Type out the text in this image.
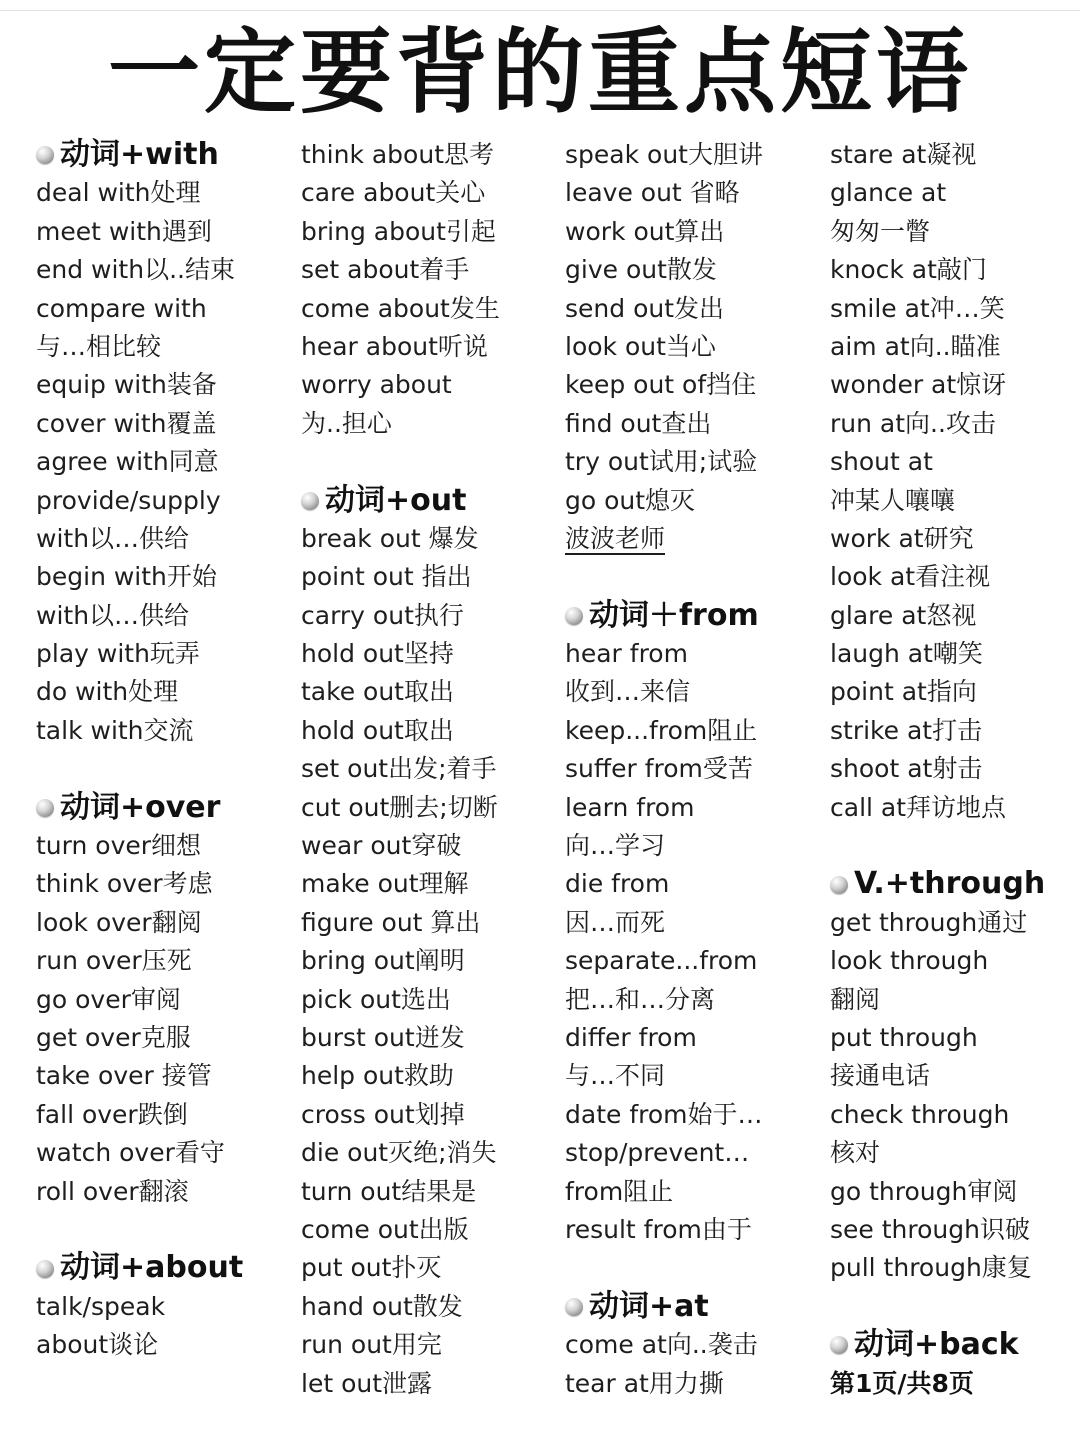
一定要背的重点短语
动词+with
deal with处理
meet with遇到
end with以..结束
compare with
与…相比较
equip with装备
cover with覆盖
agree with同意
provide/supply
with以…供给
begin with开始
with以…供给
play with玩弄
do with处理
talk with交流
动词+over
turn over细想
think over考虑
look over翻阅
run over压死
go over审阅
get over克服
take over 接管
fall over跌倒
watch over看守
roll over翻滚
动词+about
talk/speak
about谈论
think about思考
care about关心
bring about引起
set about着手
come about发生
hear about听说
worry about
为..担心
动词+out
break out 爆发
point out 指出
carry out执行
hold out坚持
take out取出
hold out取出
set out出发;着手
cut out删去;切断
wear out穿破
make out理解
figure out 算出
bring out阐明
pick out选出
burst out迸发
help out救助
cross out划掉
die out灭绝;消失
turn out结果是
come out出版
put out扑灭
hand out散发
run out用完
let out泄露
speak out大胆讲
leave out 省略
work out算出
give out散发
send out发出
look out当心
keep out of挡住
find out查出
try out试用;试验
go out熄灭
波波老师
动词＋from
hear from
收到…来信
keep...from阻止
suffer from受苦
learn from
向…学习
die from
因…而死
separate...from
把…和…分离
differ from
与…不同
date from始于…
stop/prevent…
from阻止
result from由于
动词+at
come at向..袭击
tear at用力撕
stare at凝视
glance at
匆匆一瞥
knock at敲门
smile at冲…笑
aim at向..瞄准
wonder at惊讶
run at向..攻击
shout at
冲某人嚷嚷
work at研究
look at看注视
glare at怒视
laugh at嘲笑
point at指向
strike at打击
shoot at射击
call at拜访地点
V.+through
get through通过
look through
翻阅
put through
接通电话
check through
核对
go through审阅
see through识破
pull through康复
动词+back
第1页/共8页
